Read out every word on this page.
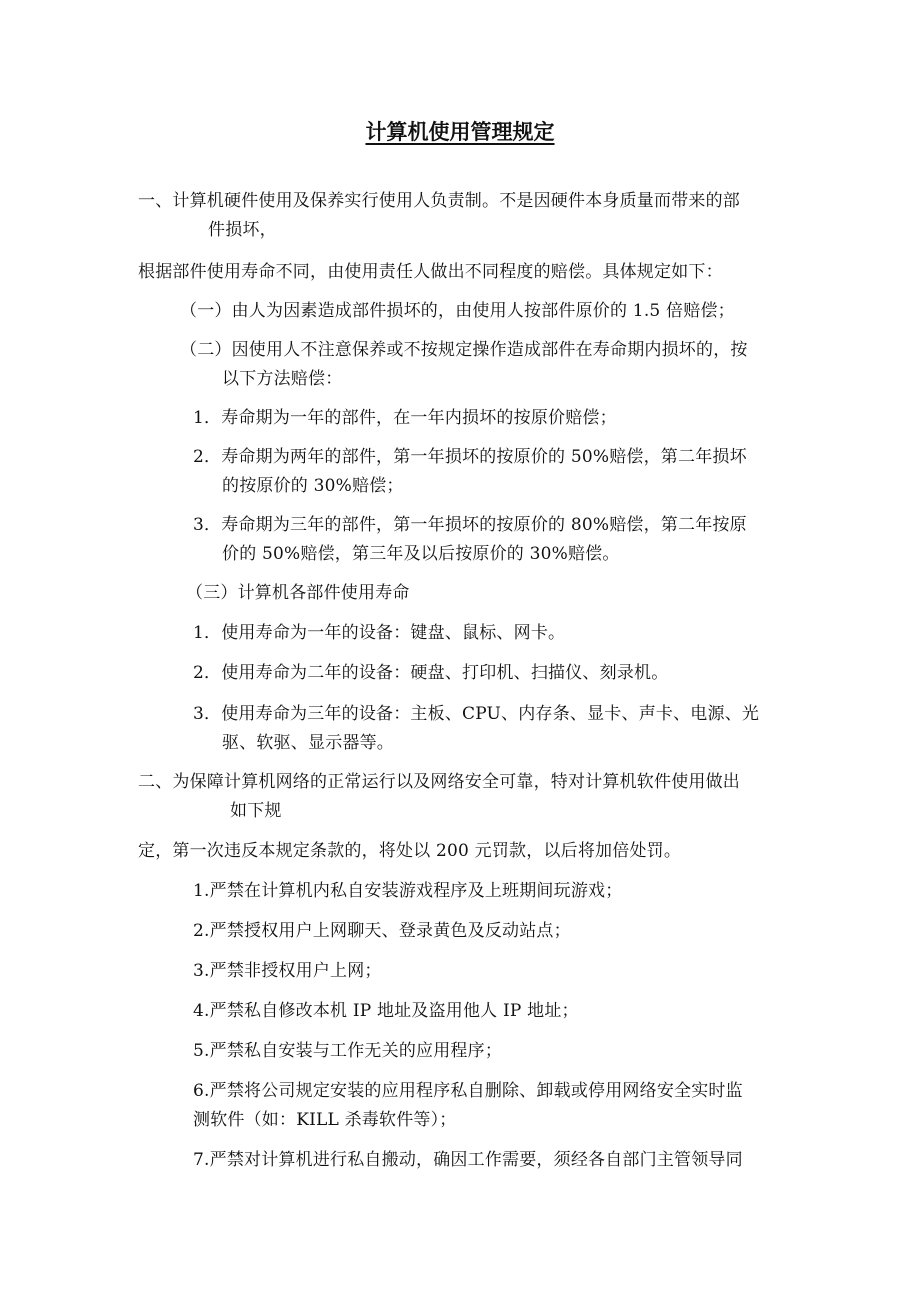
计算机使用管理规定
一、计算机硬件使用及保养实行使用人负责制。不是因硬件本身质量而带来的部
件损坏，
根据部件使用寿命不同，由使用责任人做出不同程度的赔偿。具体规定如下：
（一）由人为因素造成部件损坏的，由使用人按部件原价的 1.5 倍赔偿；
（二）因使用人不注意保养或不按规定操作造成部件在寿命期内损坏的，按
以下方法赔偿：
1．寿命期为一年的部件，在一年内损坏的按原价赔偿；
2．寿命期为两年的部件，第一年损坏的按原价的 50%赔偿，第二年损坏
的按原价的 30%赔偿；
3．寿命期为三年的部件，第一年损坏的按原价的 80%赔偿，第二年按原
价的 50%赔偿，第三年及以后按原价的 30%赔偿。
（三）计算机各部件使用寿命
1．使用寿命为一年的设备：键盘、鼠标、网卡。
2．使用寿命为二年的设备：硬盘、打印机、扫描仪、刻录机。
3．使用寿命为三年的设备：主板、CPU、内存条、显卡、声卡、电源、光
驱、软驱、显示器等。
二、为保障计算机网络的正常运行以及网络安全可靠，特对计算机软件使用做出
如下规
定，第一次违反本规定条款的，将处以 200 元罚款，以后将加倍处罚。
1.严禁在计算机内私自安装游戏程序及上班期间玩游戏；
2.严禁授权用户上网聊天、登录黄色及反动站点；
3.严禁非授权用户上网；
4.严禁私自修改本机 IP 地址及盗用他人 IP 地址；
5.严禁私自安装与工作无关的应用程序；
6.严禁将公司规定安装的应用程序私自删除、卸载或停用网络安全实时监
测软件（如：KILL 杀毒软件等）；
7.严禁对计算机进行私自搬动，确因工作需要，须经各自部门主管领导同
